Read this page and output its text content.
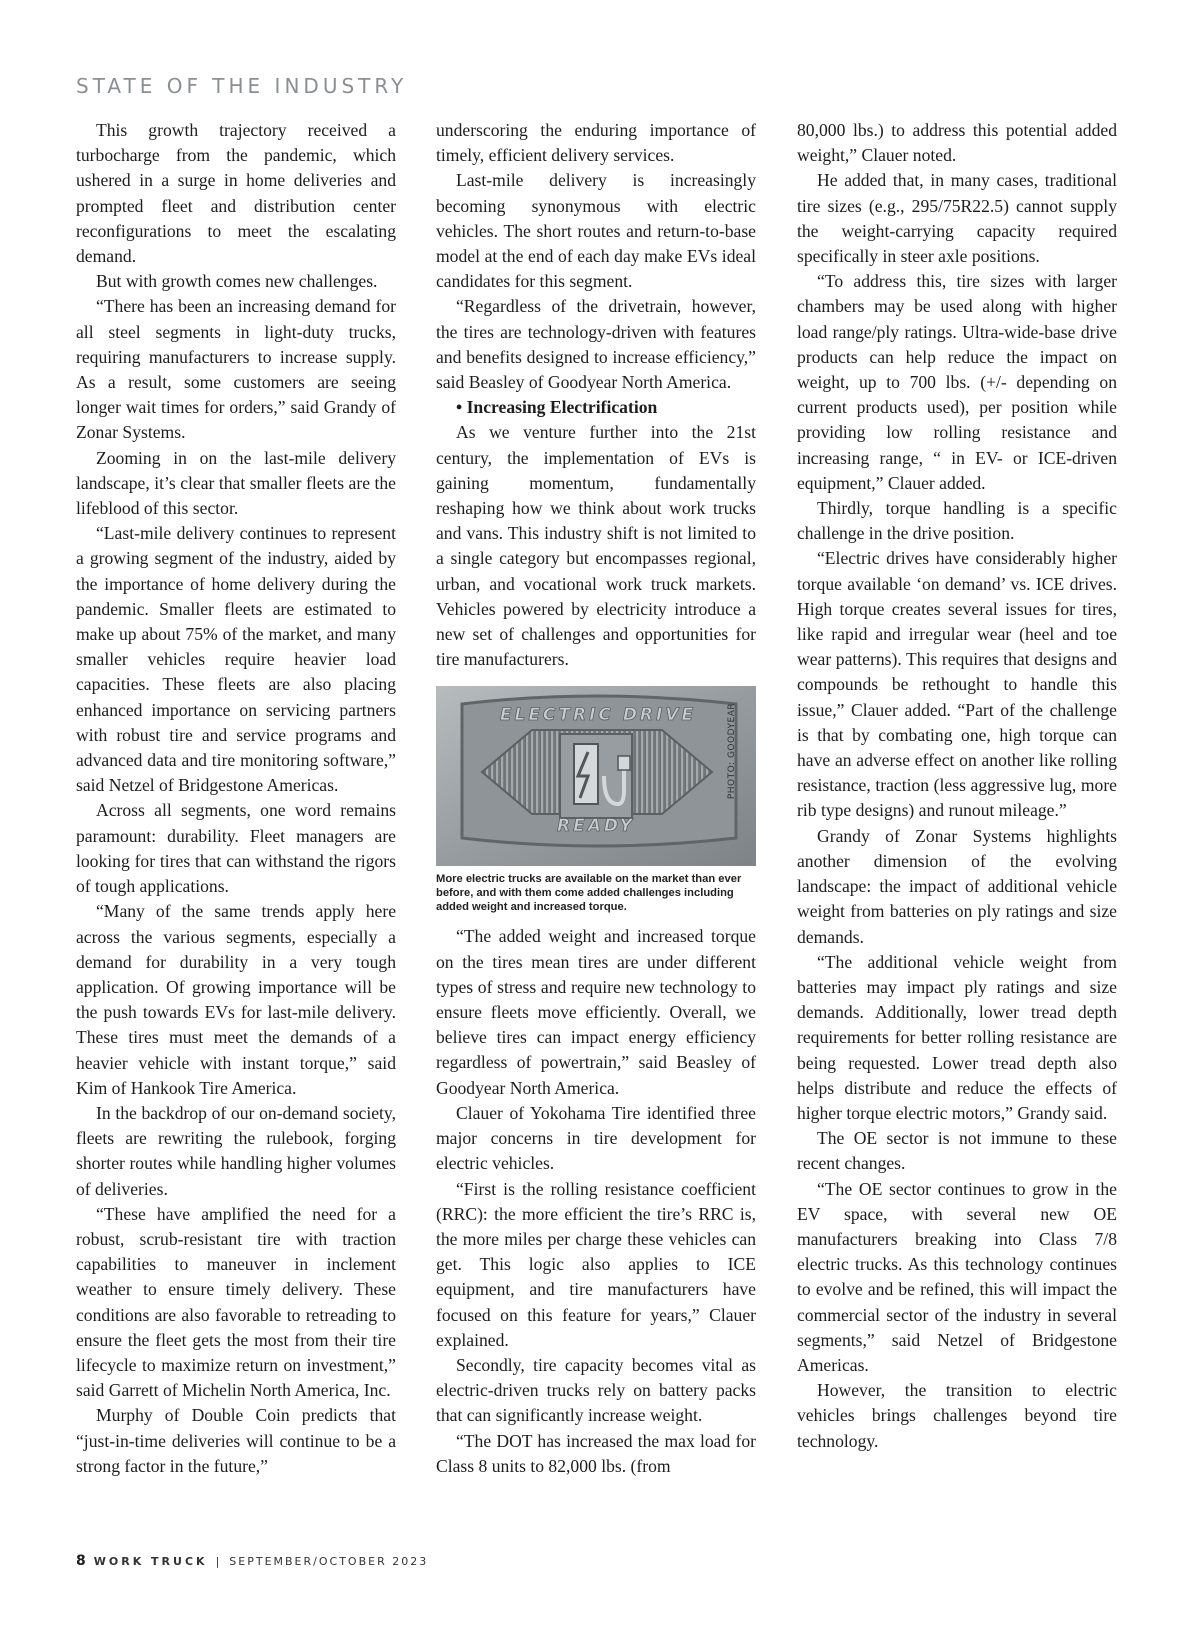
STATE OF THE INDUSTRY

This growth trajectory received a turbocharge from the pandemic, which ushered in a surge in home deliveries and prompted fleet and distribution center reconfigurations to meet the escalating demand.

But with growth comes new challenges.

“There has been an increasing demand for all steel segments in light-duty trucks, requiring manufacturers to increase supply. As a result, some customers are seeing longer wait times for orders,” said Grandy of Zonar Systems.

Zooming in on the last-mile delivery landscape, it’s clear that smaller fleets are the lifeblood of this sector.

“Last-mile delivery continues to represent a growing segment of the industry, aided by the importance of home delivery during the pandemic. Smaller fleets are estimated to make up about 75% of the market, and many smaller vehicles require heavier load capacities. These fleets are also placing enhanced importance on servicing partners with robust tire and service programs and advanced data and tire monitoring software,” said Netzel of Bridgestone Americas.

Across all segments, one word remains paramount: durability. Fleet managers are looking for tires that can withstand the rigors of tough applications.

“Many of the same trends apply here across the various segments, especially a demand for durability in a very tough application. Of growing importance will be the push towards EVs for last-mile delivery. These tires must meet the demands of a heavier vehicle with instant torque,” said Kim of Hankook Tire America.

In the backdrop of our on-demand society, fleets are rewriting the rulebook, forging shorter routes while handling higher volumes of deliveries.

“These have amplified the need for a robust, scrub-resistant tire with traction capabilities to maneuver in inclement weather to ensure timely delivery. These conditions are also favorable to retreading to ensure the fleet gets the most from their tire lifecycle to maximize return on investment,” said Garrett of Michelin North America, Inc.

Murphy of Double Coin predicts that “just-in-time deliveries will continue to be a strong factor in the future,”

underscoring the enduring importance of timely, efficient delivery services.

Last-mile delivery is increasingly becoming synonymous with electric vehicles. The short routes and return-to-base model at the end of each day make EVs ideal candidates for this segment.

“Regardless of the drivetrain, however, the tires are technology-driven with features and benefits designed to increase efficiency,” said Beasley of Goodyear North America.

• Increasing Electrification

As we venture further into the 21st century, the implementation of EVs is gaining momentum, fundamentally reshaping how we think about work trucks and vans. This industry shift is not limited to a single category but encompasses regional, urban, and vocational work truck markets. Vehicles powered by electricity introduce a new set of challenges and opportunities for tire manufacturers.

ELECTRIC DRIVE
READY
PHOTO: GOODYEAR
More electric trucks are available on the market than ever before, and with them come added challenges including added weight and increased torque.

“The added weight and increased torque on the tires mean tires are under different types of stress and require new technology to ensure fleets move efficiently. Overall, we believe tires can impact energy efficiency regardless of powertrain,” said Beasley of Goodyear North America.

Clauer of Yokohama Tire identified three major concerns in tire development for electric vehicles.

“First is the rolling resistance coefficient (RRC): the more efficient the tire’s RRC is, the more miles per charge these vehicles can get. This logic also applies to ICE equipment, and tire manufacturers have focused on this feature for years,” Clauer explained.

Secondly, tire capacity becomes vital as electric-driven trucks rely on battery packs that can significantly increase weight.

“The DOT has increased the max load for Class 8 units to 82,000 lbs. (from

80,000 lbs.) to address this potential added weight,” Clauer noted.

He added that, in many cases, traditional tire sizes (e.g., 295/75R22.5) cannot supply the weight-carrying capacity required specifically in steer axle positions.

“To address this, tire sizes with larger chambers may be used along with higher load range/ply ratings. Ultra-wide-base drive products can help reduce the impact on weight, up to 700 lbs. (+/- depending on current products used), per position while providing low rolling resistance and increasing range, “ in EV- or ICE-driven equipment,” Clauer added.

Thirdly, torque handling is a specific challenge in the drive position.

“Electric drives have considerably higher torque available ‘on demand’ vs. ICE drives. High torque creates several issues for tires, like rapid and irregular wear (heel and toe wear patterns). This requires that designs and compounds be rethought to handle this issue,” Clauer added. “Part of the challenge is that by combating one, high torque can have an adverse effect on another like rolling resistance, traction (less aggressive lug, more rib type designs) and runout mileage.”

Grandy of Zonar Systems highlights another dimension of the evolving landscape: the impact of additional vehicle weight from batteries on ply ratings and size demands.

“The additional vehicle weight from batteries may impact ply ratings and size demands. Additionally, lower tread depth requirements for better rolling resistance are being requested. Lower tread depth also helps distribute and reduce the effects of higher torque electric motors,” Grandy said.

The OE sector is not immune to these recent changes.

“The OE sector continues to grow in the EV space, with several new OE manufacturers breaking into Class 7/8 electric trucks. As this technology continues to evolve and be refined, this will impact the commercial sector of the industry in several segments,” said Netzel of Bridgestone Americas.

However, the transition to electric vehicles brings challenges beyond tire technology.

8 WORK TRUCK | SEPTEMBER/OCTOBER 2023
